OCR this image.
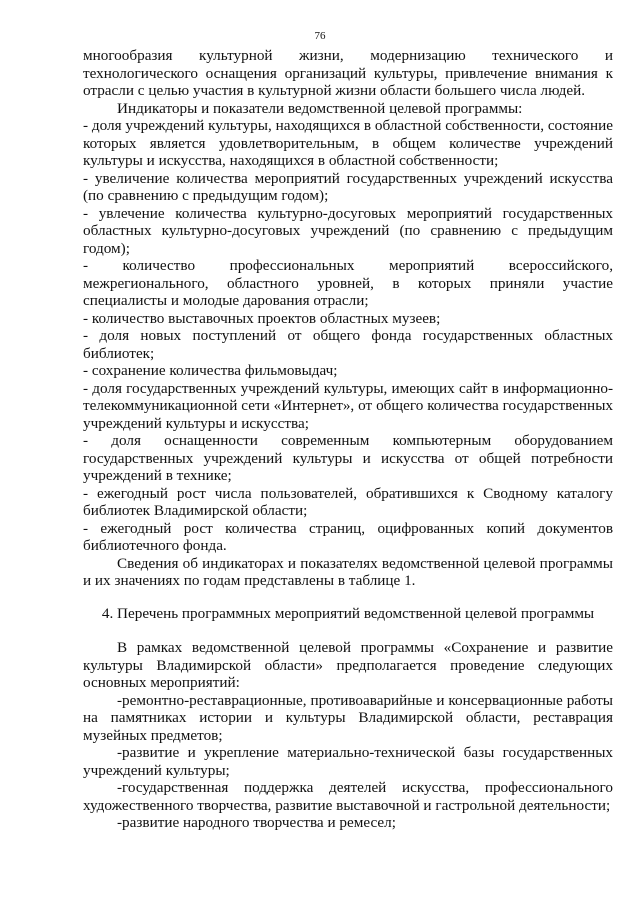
76

многообразия культурной жизни, модернизацию технического и технологического оснащения организаций культуры, привлечение внимания к отрасли с целью участия в культурной жизни области большего числа людей.

Индикаторы и показатели ведомственной целевой программы:

- доля учреждений культуры, находящихся в областной собственности, состояние которых является удовлетворительным, в общем количестве учреждений культуры и искусства, находящихся в областной собственности;

- увеличение количества мероприятий государственных учреждений искусства (по сравнению с предыдущим годом);

- увлечение количества культурно-досуговых мероприятий государственных областных культурно-досуговых учреждений (по сравнению с предыдущим годом);

- количество профессиональных мероприятий всероссийского, межрегионального, областного уровней, в которых приняли участие специалисты и молодые дарования отрасли;

- количество выставочных проектов областных музеев;

- доля новых поступлений от общего фонда государственных областных библиотек;

- сохранение количества фильмовыдач;

- доля государственных учреждений культуры, имеющих сайт в информационно-телекоммуникационной сети «Интернет», от общего количества государственных учреждений культуры и искусства;

- доля оснащенности современным компьютерным оборудованием государственных учреждений культуры и искусства от общей потребности учреждений в технике;

- ежегодный рост числа пользователей, обратившихся к Сводному каталогу библиотек Владимирской области;

- ежегодный рост количества страниц, оцифрованных копий документов библиотечного фонда.

Сведения об индикаторах и показателях ведомственной целевой программы и их значениях по годам представлены в таблице 1.

4. Перечень программных мероприятий ведомственной целевой программы

В рамках ведомственной целевой программы «Сохранение и развитие культуры Владимирской области» предполагается проведение следующих основных мероприятий:

-ремонтно-реставрационные, противоаварийные и консервационные работы на памятниках истории и культуры Владимирской области, реставрация музейных предметов;

-развитие и укрепление материально-технической базы государственных учреждений культуры;

-государственная поддержка деятелей искусства, профессионального художественного творчества, развитие выставочной и гастрольной деятельности;

-развитие народного творчества и ремесел;
